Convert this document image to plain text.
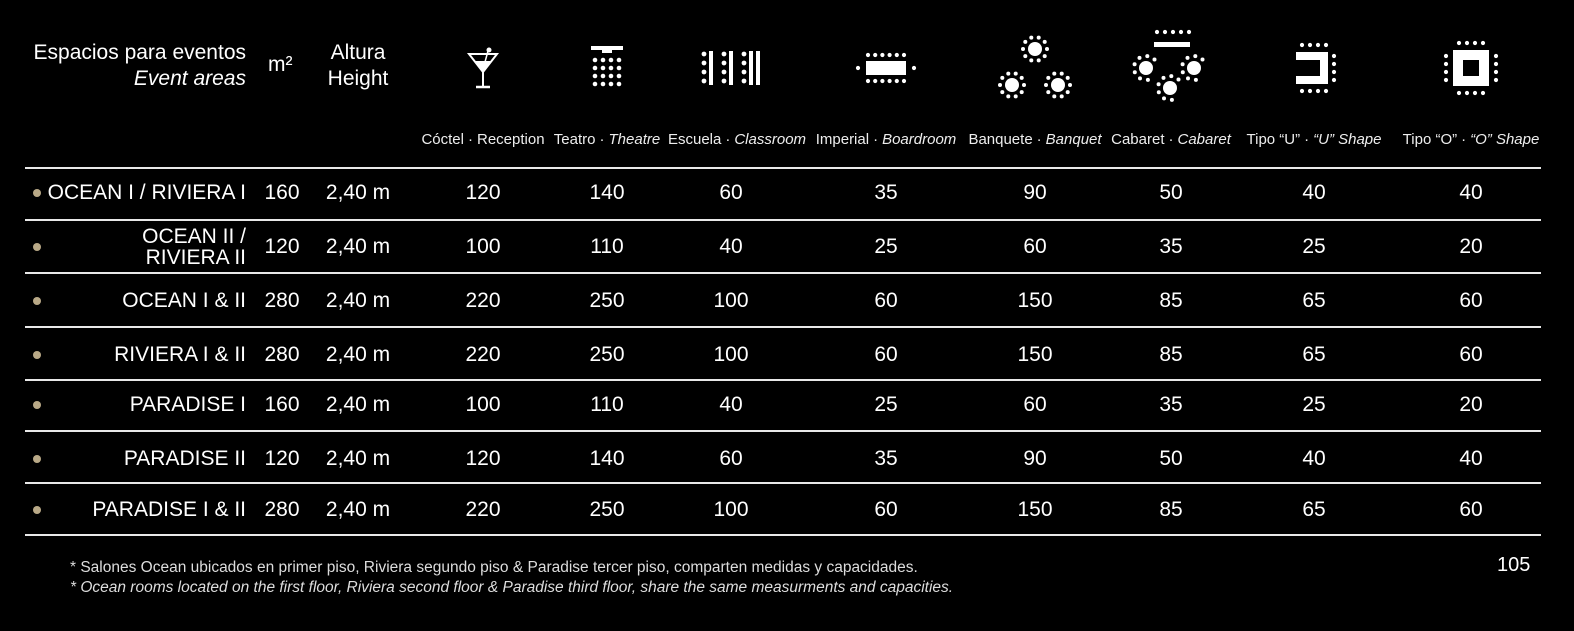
Espacios para eventos
Event areas
m²
Altura
Height
Cóctel · Reception Teatro · Theatre Escuela · Classroom Imperial · Boardroom Banquete · Banquet Cabaret · Cabaret Tipo “U” · “U” Shape Tipo “O” · “O” Shape
OCEAN I / RIVIERA I 160 2,40 m	120	140	60	35	90	50	40	40
OCEAN II /
RIVIERA II 120 2,40 m	100	110	40	25	60	35	25	20
OCEAN I & II 280 2,40 m	220	250	100	60	150	85	65	60
RIVIERA I & II 280 2,40 m	220	250	100	60	150	85	65	60
PARADISE I 160 2,40 m	100	110	40	25	60	35	25	20
PARADISE II 120 2,40 m	120	140	60	35	90	50	40	40
PARADISE I & II 280 2,40 m	220	250	100	60	150	85	65	60
* Salones Ocean ubicados en primer piso, Riviera segundo piso & Paradise tercer piso, comparten medidas y capacidades.
* Ocean rooms located on the first floor, Riviera second floor & Paradise third floor, share the same measurments and capacities.
105
